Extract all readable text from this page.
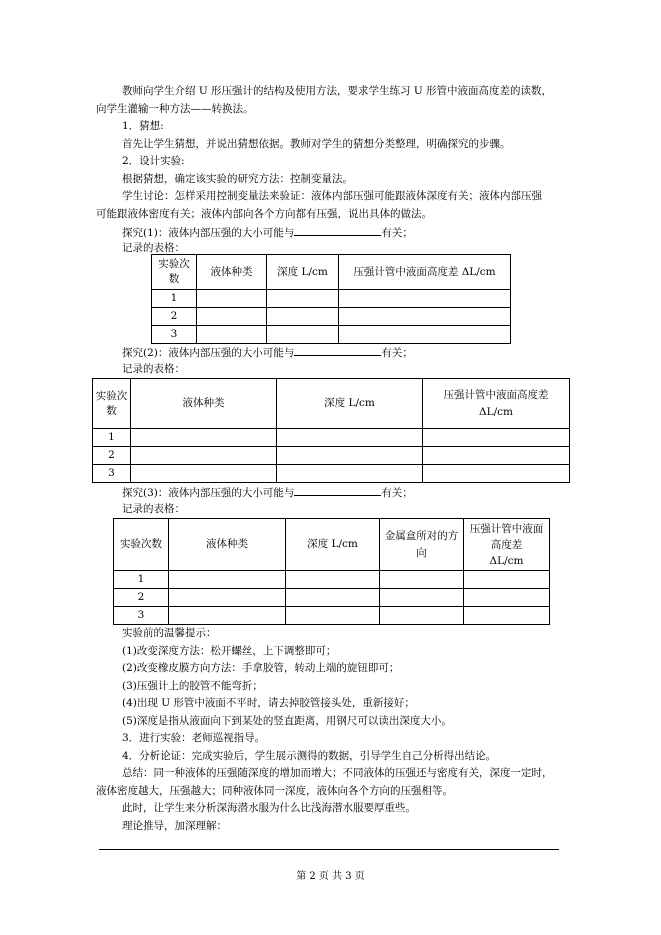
教师向学生介绍 U 形压强计的结构及使用方法，要求学生练习 U 形管中液面高度差的读数，
向学生灌输一种方法——转换法。
1．猜想:
首先让学生猜想，并说出猜想依据。教师对学生的猜想分类整理，明确探究的步骤。
2．设计实验:
根据猜想，确定该实验的研究方法：控制变量法。
学生讨论：怎样采用控制变量法来验证：液体内部压强可能跟液体深度有关；液体内部压强
可能跟液体密度有关；液体内部向各个方向都有压强，说出具体的做法。
探究(1)：液体内部压强的大小可能与	有关；
记录的表格：
实验次数	液体种类	深度 L/cm	压强计管中液面高度差 ΔL/cm
1			
2			
3			
探究(2)：液体内部压强的大小可能与	有关；
记录的表格：
实验次数	液体种类	深度 L/cm	压强计管中液面高度差
ΔL/cm

1			
2			
3			
探究(3)：液体内部压强的大小可能与	有关；
记录的表格：
实验次数	液体种类	深度 L/cm	金属盒所对的方向	压强计管中液面高度差
ΔL/cm

1				
2				
3				
实验前的温馨提示：
(1)改变深度方法：松开螺丝，上下调整即可；
(2)改变橡皮膜方向方法：手拿胶管，转动上端的旋钮即可；
(3)压强计上的胶管不能弯折；
(4)出现 U 形管中液面不平时，请去掉胶管接头处，重新接好；
(5)深度是指从液面向下到某处的竖直距离，用钢尺可以读出深度大小。
3．进行实验：老师巡视指导。
4．分析论证：完成实验后，学生展示测得的数据，引导学生自己分析得出结论。
总结：同一种液体的压强随深度的增加而增大；不同液体的压强还与密度有关，深度一定时，
液体密度越大，压强越大；同种液体同一深度，液体向各个方向的压强相等。
此时，让学生来分析深海潜水服为什么比浅海潜水服要厚重些。
理论推导，加深理解：
第 2 页 共 3 页
